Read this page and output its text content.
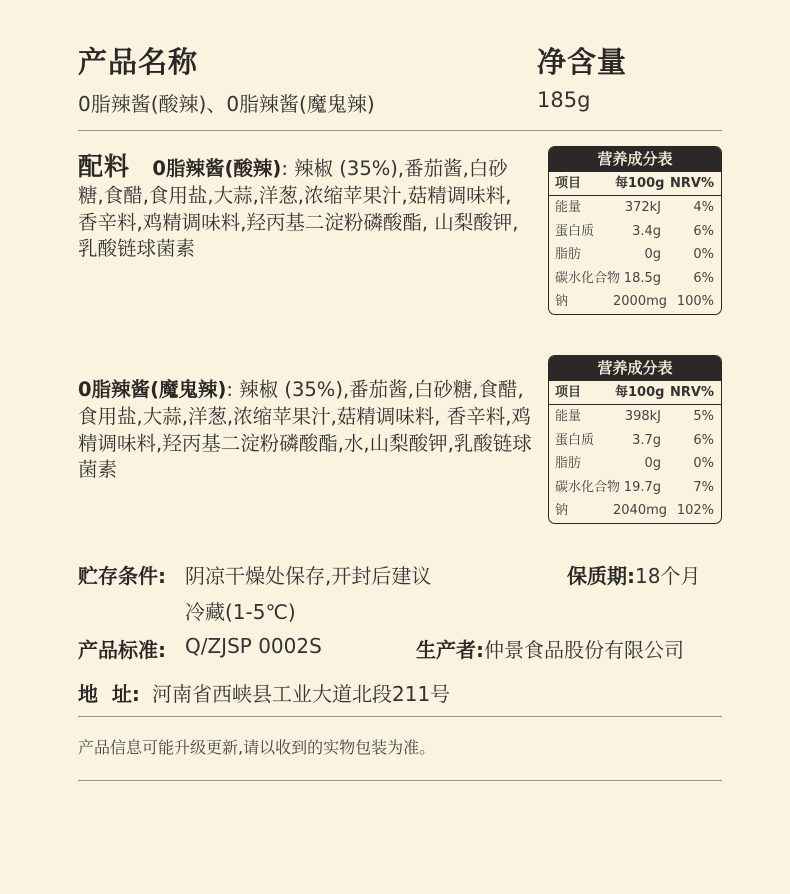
产品名称
0脂辣酱(酸辣)、0脂辣酱(魔鬼辣)
净含量
185g
配料 0脂辣酱(酸辣): 辣椒 (35%),番茄酱,白砂糖,食醋,食用盐,大蒜,洋葱,浓缩苹果汁,菇精调味料, 香辛料,鸡精调味料,羟丙基二淀粉磷酸酯, 山梨酸钾,乳酸链球菌素
营养成分表
项目	每100g NRV%
能量	372kJ	4%
蛋白质	3.4g	6%
脂肪	0g	0%
碳水化合物 18.5g	6%
钠	2000mg 100%
0脂辣酱(魔鬼辣): 辣椒 (35%),番茄酱,白砂糖,食醋,食用盐,大蒜,洋葱,浓缩苹果汁,菇精调味料, 香辛料,鸡精调味料,羟丙基二淀粉磷酸酯,水,山梨酸钾,乳酸链球菌素
营养成分表
项目	每100g NRV%
能量	398kJ	5%
蛋白质	3.7g	6%
脂肪	0g	0%
碳水化合物 19.7g	7%
钠	2040mg 102%
贮存条件: 阴凉干燥处保存,开封后建议
冷藏(1-5℃)
保质期:18个月
产品标准: Q/ZJSP 0002S	生产者:仲景食品股份有限公司
地  址: 河南省西峡县工业大道北段211号
产品信息可能升级更新,请以收到的实物包装为准。
